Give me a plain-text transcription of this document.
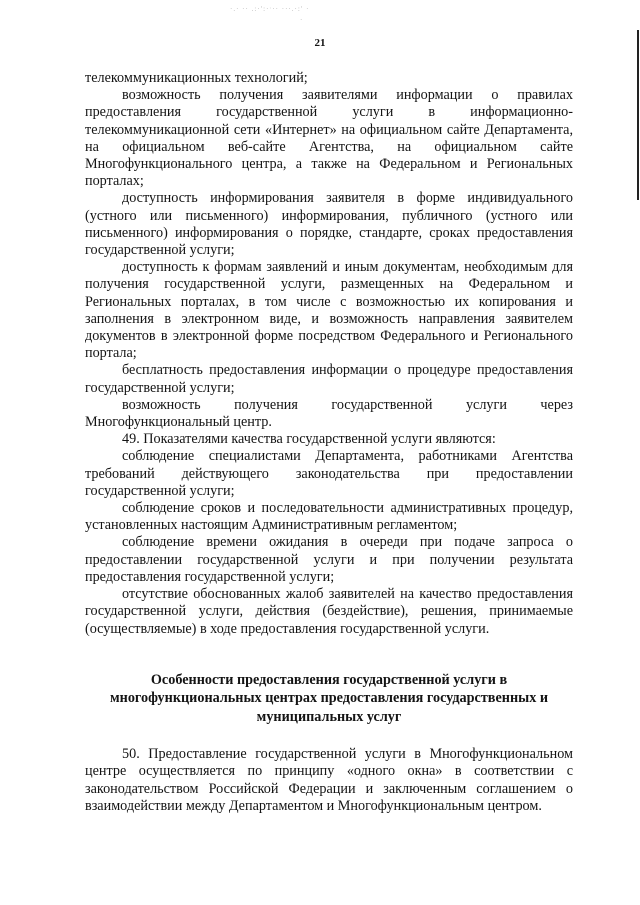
·.· ·· .:·ʹ:·ˑ·· ···.·:ʹ ·
·
21

телекоммуникационных технологий;

возможность получения заявителями информации о правилах предоставления государственной услуги в информационно-телекоммуникационной сети «Интернет» на официальном сайте Департамента, на официальном веб-сайте Агентства, на официальном сайте Многофункционального центра, а также на Федеральном и Региональных порталах;

доступность информирования заявителя в форме индивидуального (устного или письменного) информирования, публичного (устного или письменного) информирования о порядке, стандарте, сроках предоставления государственной услуги;

доступность к формам заявлений и иным документам, необходимым для получения государственной услуги, размещенных на Федеральном и Региональных порталах, в том числе с возможностью их копирования и заполнения в электронном виде, и возможность направления заявителем документов в электронной форме посредством Федерального и Регионального портала;

бесплатность предоставления информации о процедуре предоставления государственной услуги;

возможность получения государственной услуги через Многофункциональный центр.

49. Показателями качества государственной услуги являются:

соблюдение специалистами Департамента, работниками Агентства требований действующего законодательства при предоставлении государственной услуги;

соблюдение сроков и последовательности административных процедур, установленных настоящим Административным регламентом;

соблюдение времени ожидания в очереди при подаче запроса о предоставлении государственной услуги и при получении результата предоставления государственной услуги;

отсутствие обоснованных жалоб заявителей на качество предоставления государственной услуги, действия (бездействие), решения, принимаемые (осуществляемые) в ходе предоставления государственной услуги.

Особенности предоставления государственной услуги в многофункциональных центрах предоставления государственных и муниципальных услуг

50. Предоставление государственной услуги в Многофункциональном центре осуществляется по принципу «одного окна» в соответствии с законодательством Российской Федерации и заключенным соглашением о взаимодействии между Департаментом и Многофункциональным центром.
